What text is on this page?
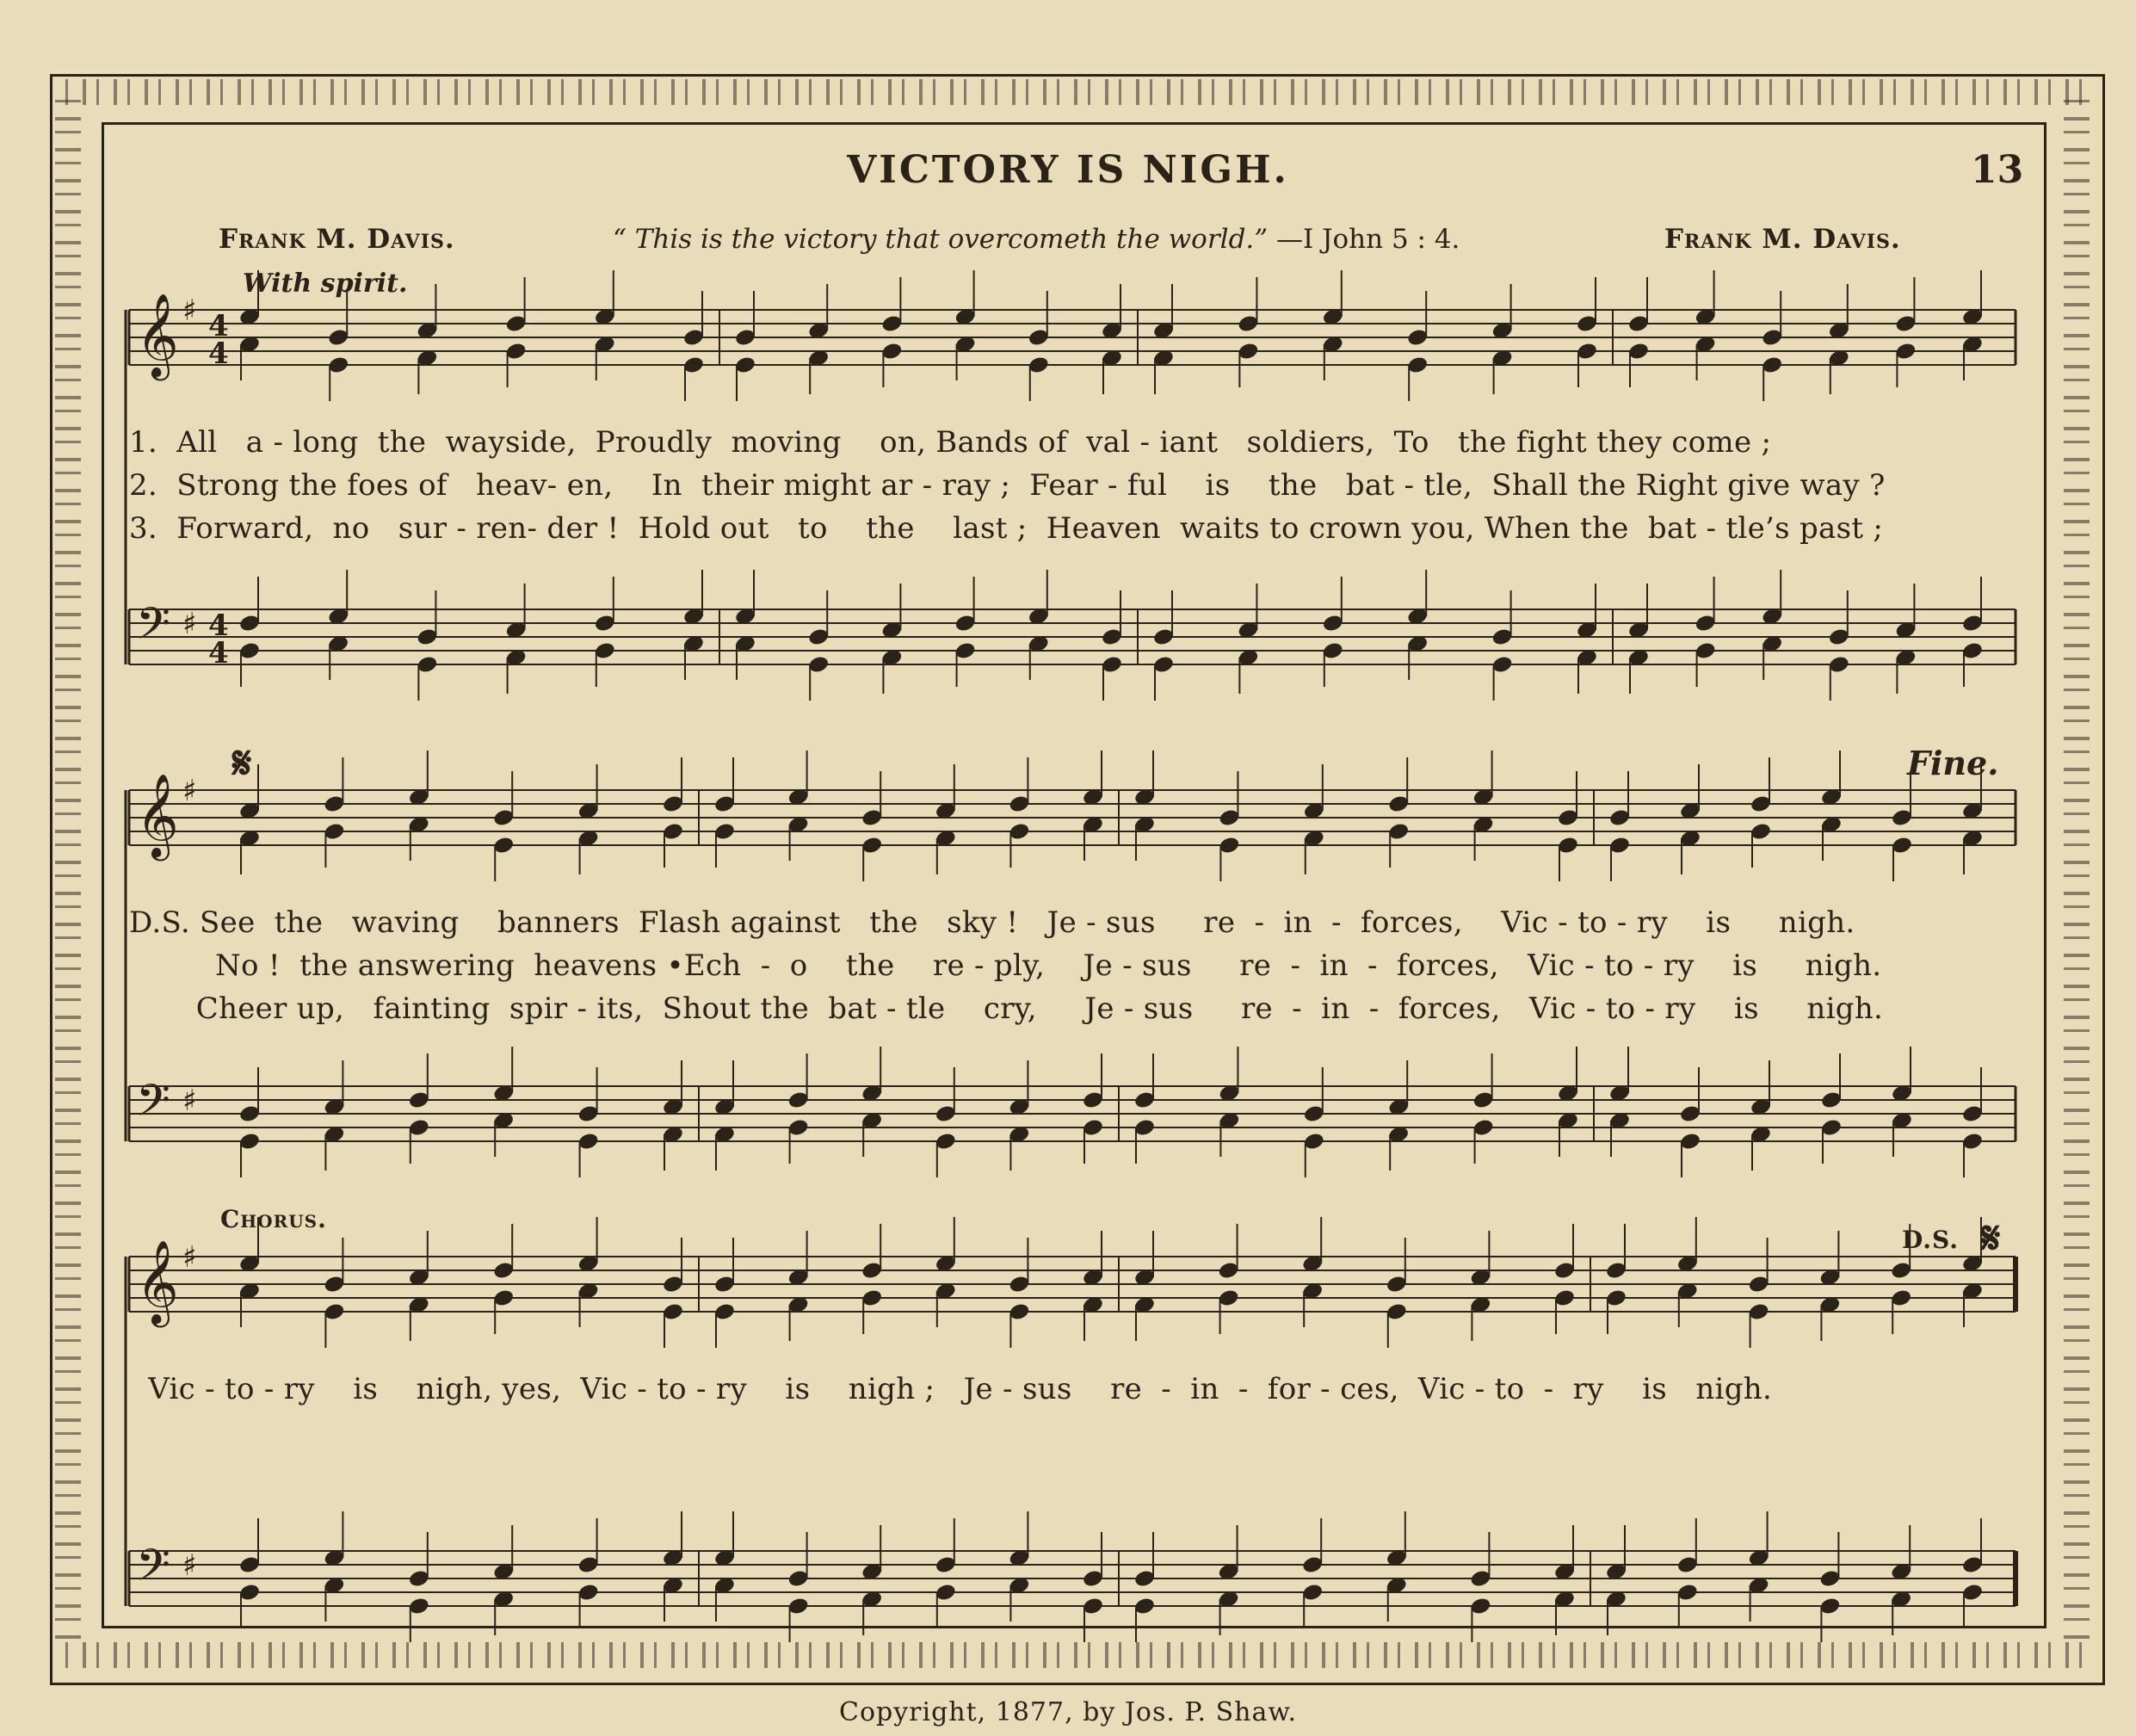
VICTORY IS NIGH.	13
Frank M. Davis.	“ This is the victory that overcometh the world.” —I John 5 : 4.	Frank M. Davis.
With spirit.
𝄋	Fine.
Chorus.
D.S. 𝄋
𝄞 ♯ 4
4
𝄢 ♯ 4
4
𝄞 ♯
𝄢 ♯
𝄞 ♯
𝄢 ♯
1.  All   a - long  the  wayside,  Proudly  moving    on, Bands of  val - iant   soldiers,  To   the fight they come ;
2.  Strong the foes of   heav- en,    In  their might ar - ray ;  Fear - ful    is    the   bat - tle,  Shall the Right give way ?
3.  Forward,  no   sur - ren- der !  Hold out   to    the    last ;  Heaven  waits to crown you, When the  bat - tle’s past ;
D.S. See  the   waving    banners  Flash against   the   sky !   Je - sus     re  -  in  -  forces,    Vic - to - ry    is     nigh.
No !  the answering  heavens •Ech  -  o    the    re - ply,    Je - sus     re  -  in  -  forces,   Vic - to - ry    is     nigh.
Cheer up,   fainting  spir - its,  Shout the  bat - tle    cry,     Je - sus     re  -  in  -  forces,   Vic - to - ry    is     nigh.
Vic - to - ry    is    nigh, yes,  Vic - to - ry    is    nigh ;   Je - sus    re  -  in  -  for - ces,  Vic - to  -  ry    is   nigh.
Copyright, 1877, by Jos. P. Shaw.
